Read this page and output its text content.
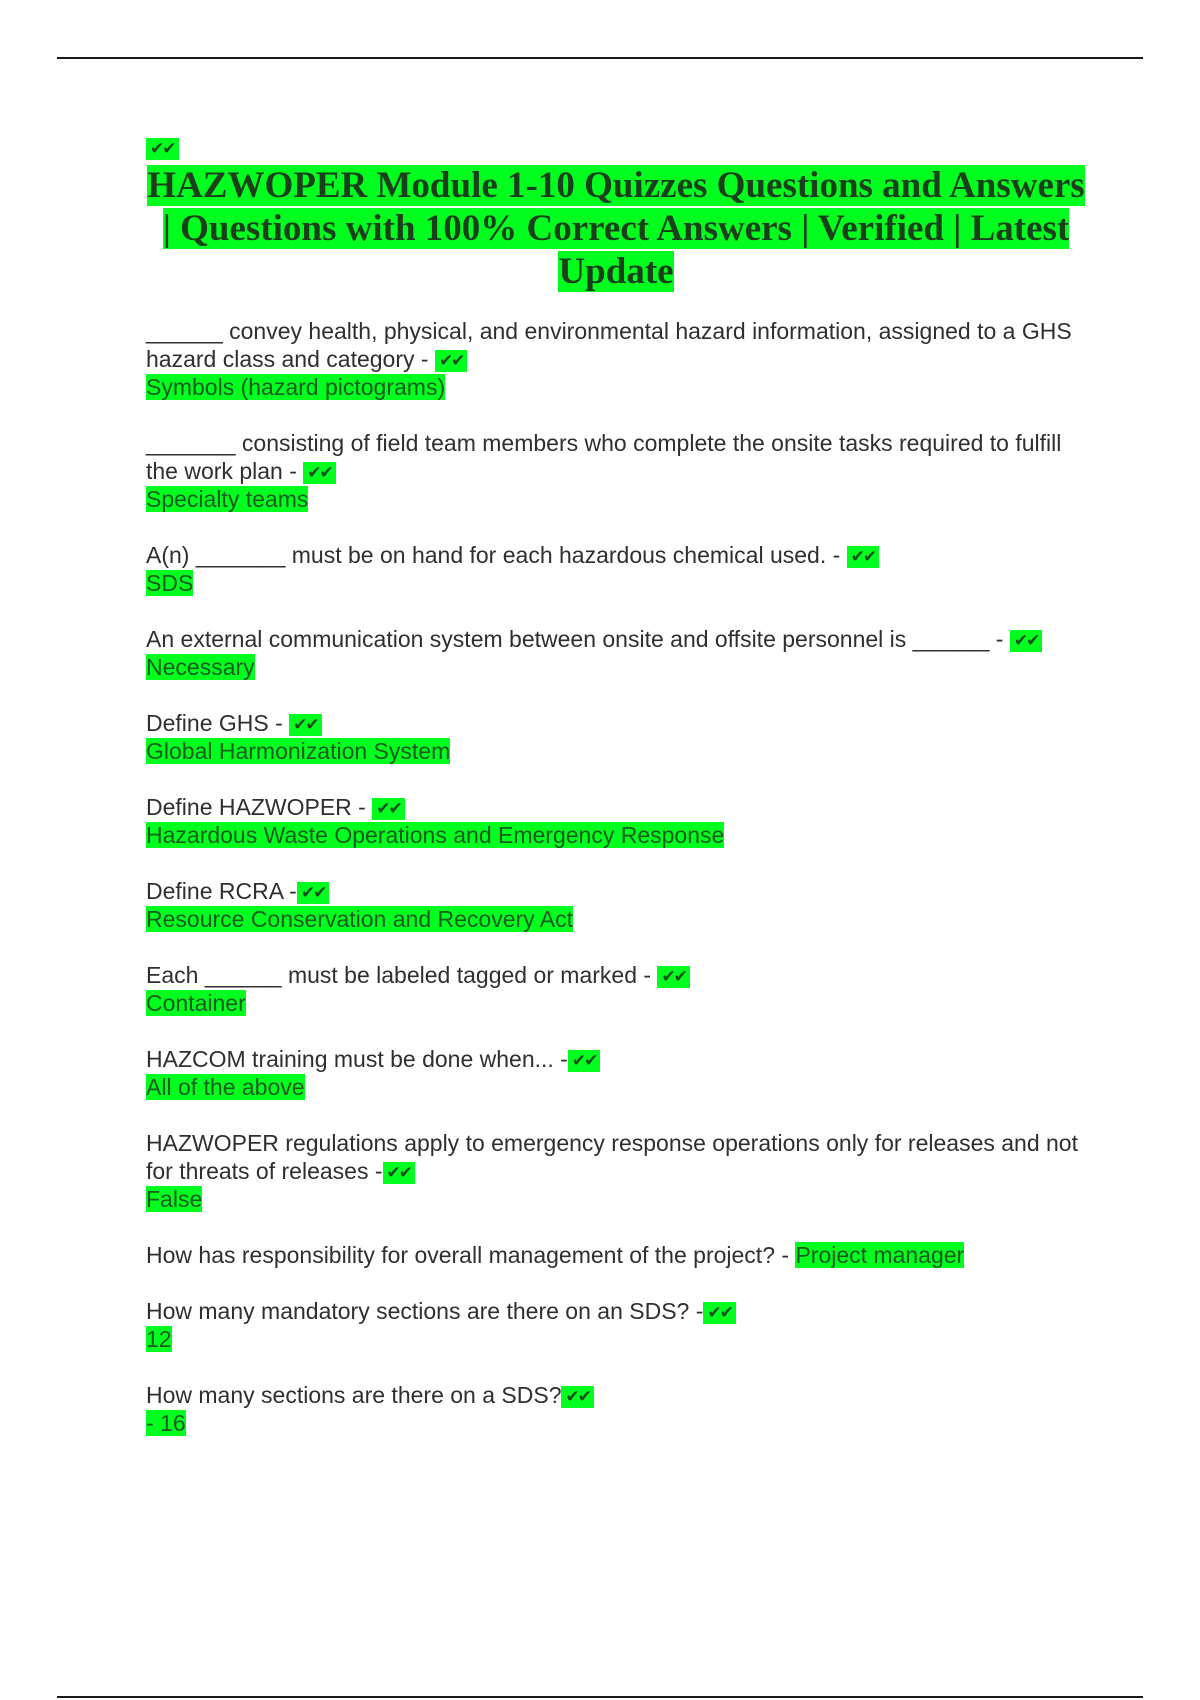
✔✔
HAZWOPER Module 1-10 Quizzes Questions and Answers | Questions with 100% Correct Answers | Verified | Latest Update
______ convey health, physical, and environmental hazard information, assigned to a GHS hazard class and category - ✔✔
Symbols (hazard pictograms)
_______ consisting of field team members who complete the onsite tasks required to fulfill the work plan - ✔✔
Specialty teams
A(n) _______ must be on hand for each hazardous chemical used. - ✔✔
SDS
An external communication system between onsite and offsite personnel is ______ - ✔✔
Necessary
Define GHS - ✔✔
Global Harmonization System
Define HAZWOPER - ✔✔
Hazardous Waste Operations and Emergency Response
Define RCRA - ✔✔
Resource Conservation and Recovery Act
Each ______ must be labeled tagged or marked - ✔✔
Container
HAZCOM training must be done when... - ✔✔
All of the above
HAZWOPER regulations apply to emergency response operations only for releases and not for threats of releases - ✔✔
False
How has responsibility for overall management of the project? - Project manager
How many mandatory sections are there on an SDS? - ✔✔
12
How many sections are there on a SDS? ✔✔
- 16
